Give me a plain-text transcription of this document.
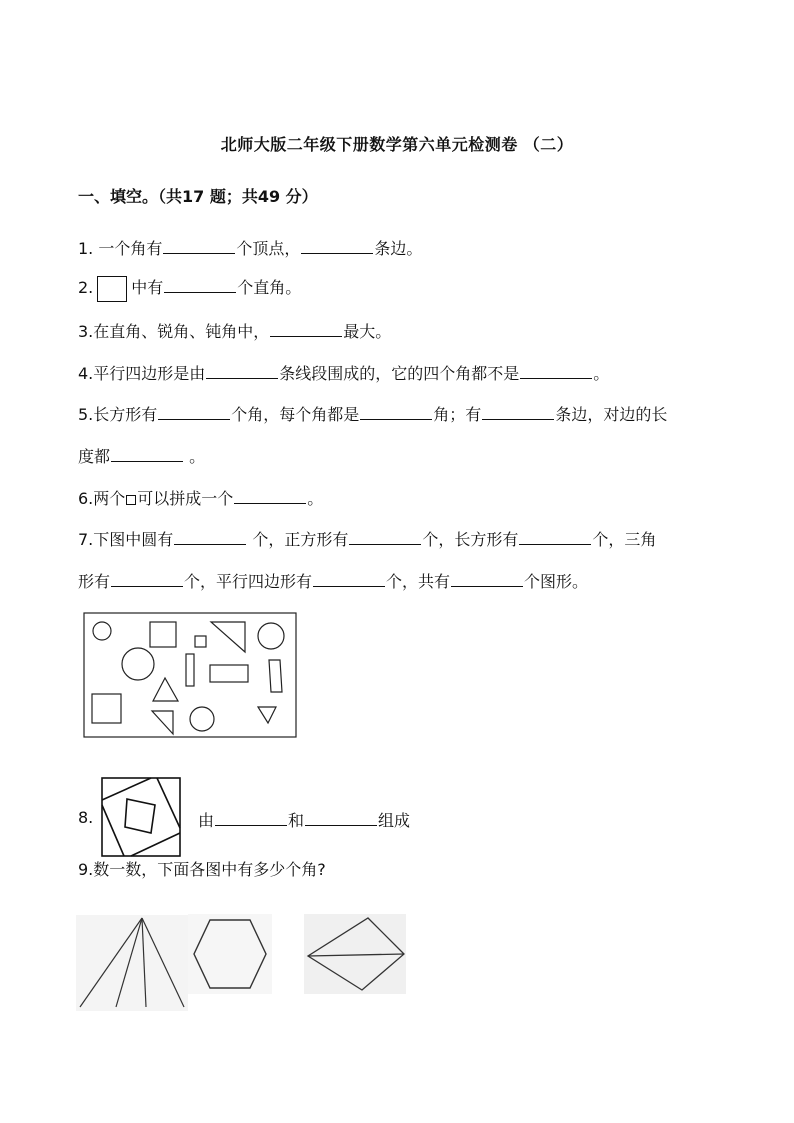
北师大版二年级下册数学第六单元检测卷 （二）
一、填空。（共17 题；共49 分）
1. 一个角有	个顶点，	条边。
2. 中有	个直角。
3.在直角、锐角、钝角中，	最大。
4.平行四边形是由	条线段围成的，它的四个角都不是	。
5.长方形有	个角，每个角都是	角；有	条边，对边的长
度都	。
6.两个 可以拼成一个	。
7.下图中圆有	个，正方形有	个，长方形有	个，三角
形有	个，平行四边形有	个，共有	个图形。
8.	由	和	组成
9.数一数，下面各图中有多少个角?
